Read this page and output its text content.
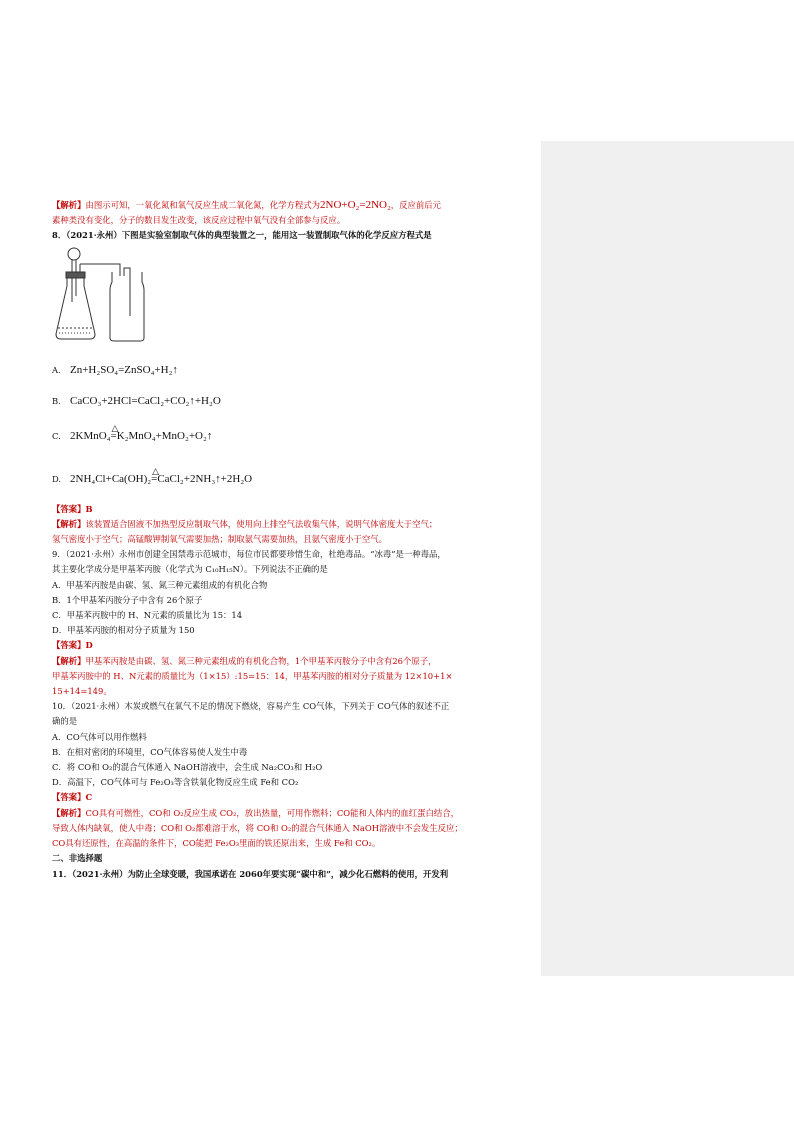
【解析】由图示可知，一氧化氮和氧气反应生成二氧化氮，化学方程式为2NO+O₂=2NO₂，反应前后元
素种类没有变化，分子的数目发生改变，该反应过程中氧气没有全部参与反应。
8．（2021·永州）下图是实验室制取气体的典型装置之一，能用这一装置制取气体的化学反应方程式是
A. Zn+H₂SO₄=ZnSO₄+H₂↑
B. CaCO₃+2HCl=CaCl₂+CO₂↑+H₂O
C. 2KMnO₄
△
=K₂MnO₄+MnO₂+O₂↑
D. 2NH₄Cl+Ca(OH)₂
△
=CaCl₂+2NH₃↑+2H₂O
【答案】B
【解析】该装置适合固液不加热型反应制取气体，使用向上排空气法收集气体，说明气体密度大于空气；
氢气密度小于空气；高锰酸钾制氧气需要加热；制取氨气需要加热，且氨气密度小于空气。
9．（2021·永州）永州市创建全国禁毒示范城市，每位市民都要珍惜生命，杜绝毒品。“冰毒”是一种毒品，
其主要化学成分是甲基苯丙胺（化学式为 C₁₀H₁₅N）。下列说法不正确的是
A．甲基苯丙胺是由碳、氢、氮三种元素组成的有机化合物
B．1个甲基苯丙胺分子中含有 26个原子
C．甲基苯丙胺中的 H、N元素的质量比为 15：14
D．甲基苯丙胺的相对分子质量为 150
【答案】D
【解析】甲基苯丙胺是由碳、氢、氮三种元素组成的有机化合物，1个甲基苯丙胺分子中含有26个原子，
甲基苯丙胺中的 H、N元素的质量比为（1×15）:15=15：14，甲基苯丙胺的相对分子质量为 12×10+1×
15+14=149。
10．（2021·永州）木炭或燃气在氧气不足的情况下燃烧，容易产生 CO气体，下列关于 CO气体的叙述不正
确的是
A．CO气体可以用作燃料
B．在相对密闭的环境里，CO气体容易使人发生中毒
C．将 CO和 O₂的混合气体通入 NaOH溶液中，会生成 Na₂CO₃和 H₂O
D．高温下，CO气体可与 Fe₂O₃等含铁氧化物反应生成 Fe和 CO₂
【答案】C
【解析】CO具有可燃性，CO和 O₂反应生成 CO₂，放出热量，可用作燃料；CO能和人体内的血红蛋白结合，
导致人体内缺氧，使人中毒；CO和 O₂都难溶于水，将 CO和 O₂的混合气体通入 NaOH溶液中不会发生反应；
CO具有还原性，在高温的条件下，CO能把 Fe₂O₃里面的铁还原出来，生成 Fe和 CO₂。
二、非选择题
11．（2021·永州）为防止全球变暖，我国承诺在 2060年要实现“碳中和”，减少化石燃料的使用，开发利
